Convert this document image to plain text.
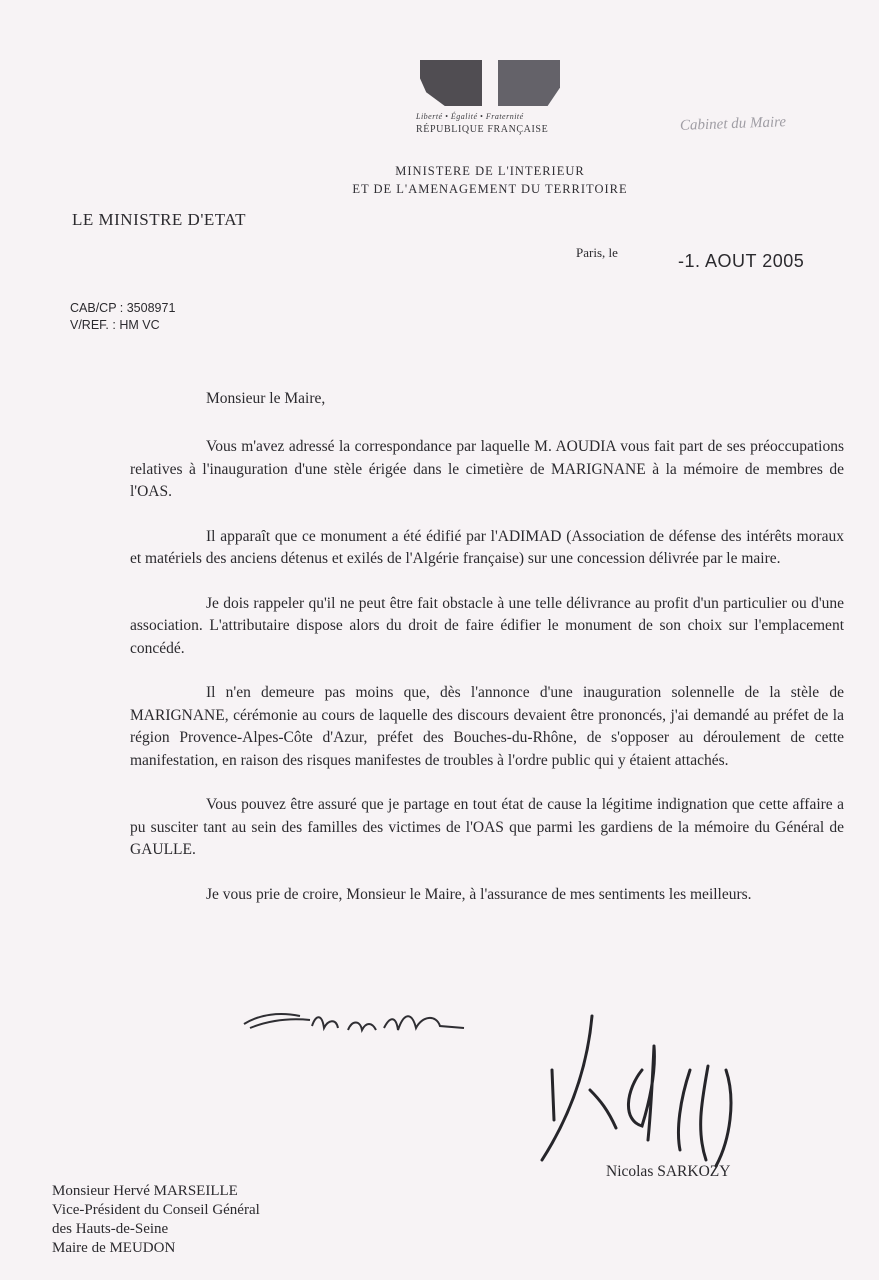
Liberté • Égalité • Fraternité
RÉPUBLIQUE FRANÇAISE	Cabinet du Maire
MINISTERE DE L'INTERIEUR
ET DE L'AMENAGEMENT DU TERRITOIRE
LE MINISTRE D'ETAT
Paris, le	-1. AOUT 2005
CAB/CP : 3508971
V/REF. : HM VC
Monsieur le Maire,

Vous m'avez adressé la correspondance par laquelle M. AOUDIA vous fait part de ses préoccupations relatives à l'inauguration d'une stèle érigée dans le cimetière de MARIGNANE à la mémoire de membres de l'OAS.

Il apparaît que ce monument a été édifié par l'ADIMAD (Association de défense des intérêts moraux et matériels des anciens détenus et exilés de l'Algérie française) sur une concession délivrée par le maire.

Je dois rappeler qu'il ne peut être fait obstacle à une telle délivrance au profit d'un particulier ou d'une association. L'attributaire dispose alors du droit de faire édifier le monument de son choix sur l'emplacement concédé.

Il n'en demeure pas moins que, dès l'annonce d'une inauguration solennelle de la stèle de MARIGNANE, cérémonie au cours de laquelle des discours devaient être prononcés, j'ai demandé au préfet de la région Provence-Alpes-Côte d'Azur, préfet des Bouches-du-Rhône, de s'opposer au déroulement de cette manifestation, en raison des risques manifestes de troubles à l'ordre public qui y étaient attachés.

Vous pouvez être assuré que je partage en tout état de cause la légitime indignation que cette affaire a pu susciter tant au sein des familles des victimes de l'OAS que parmi les gardiens de la mémoire du Général de GAULLE.

Je vous prie de croire, Monsieur le Maire, à l'assurance de mes sentiments les meilleurs.

Nicolas SARKOZY
Monsieur Hervé MARSEILLE
Vice-Président du Conseil Général
des Hauts-de-Seine
Maire de MEUDON
